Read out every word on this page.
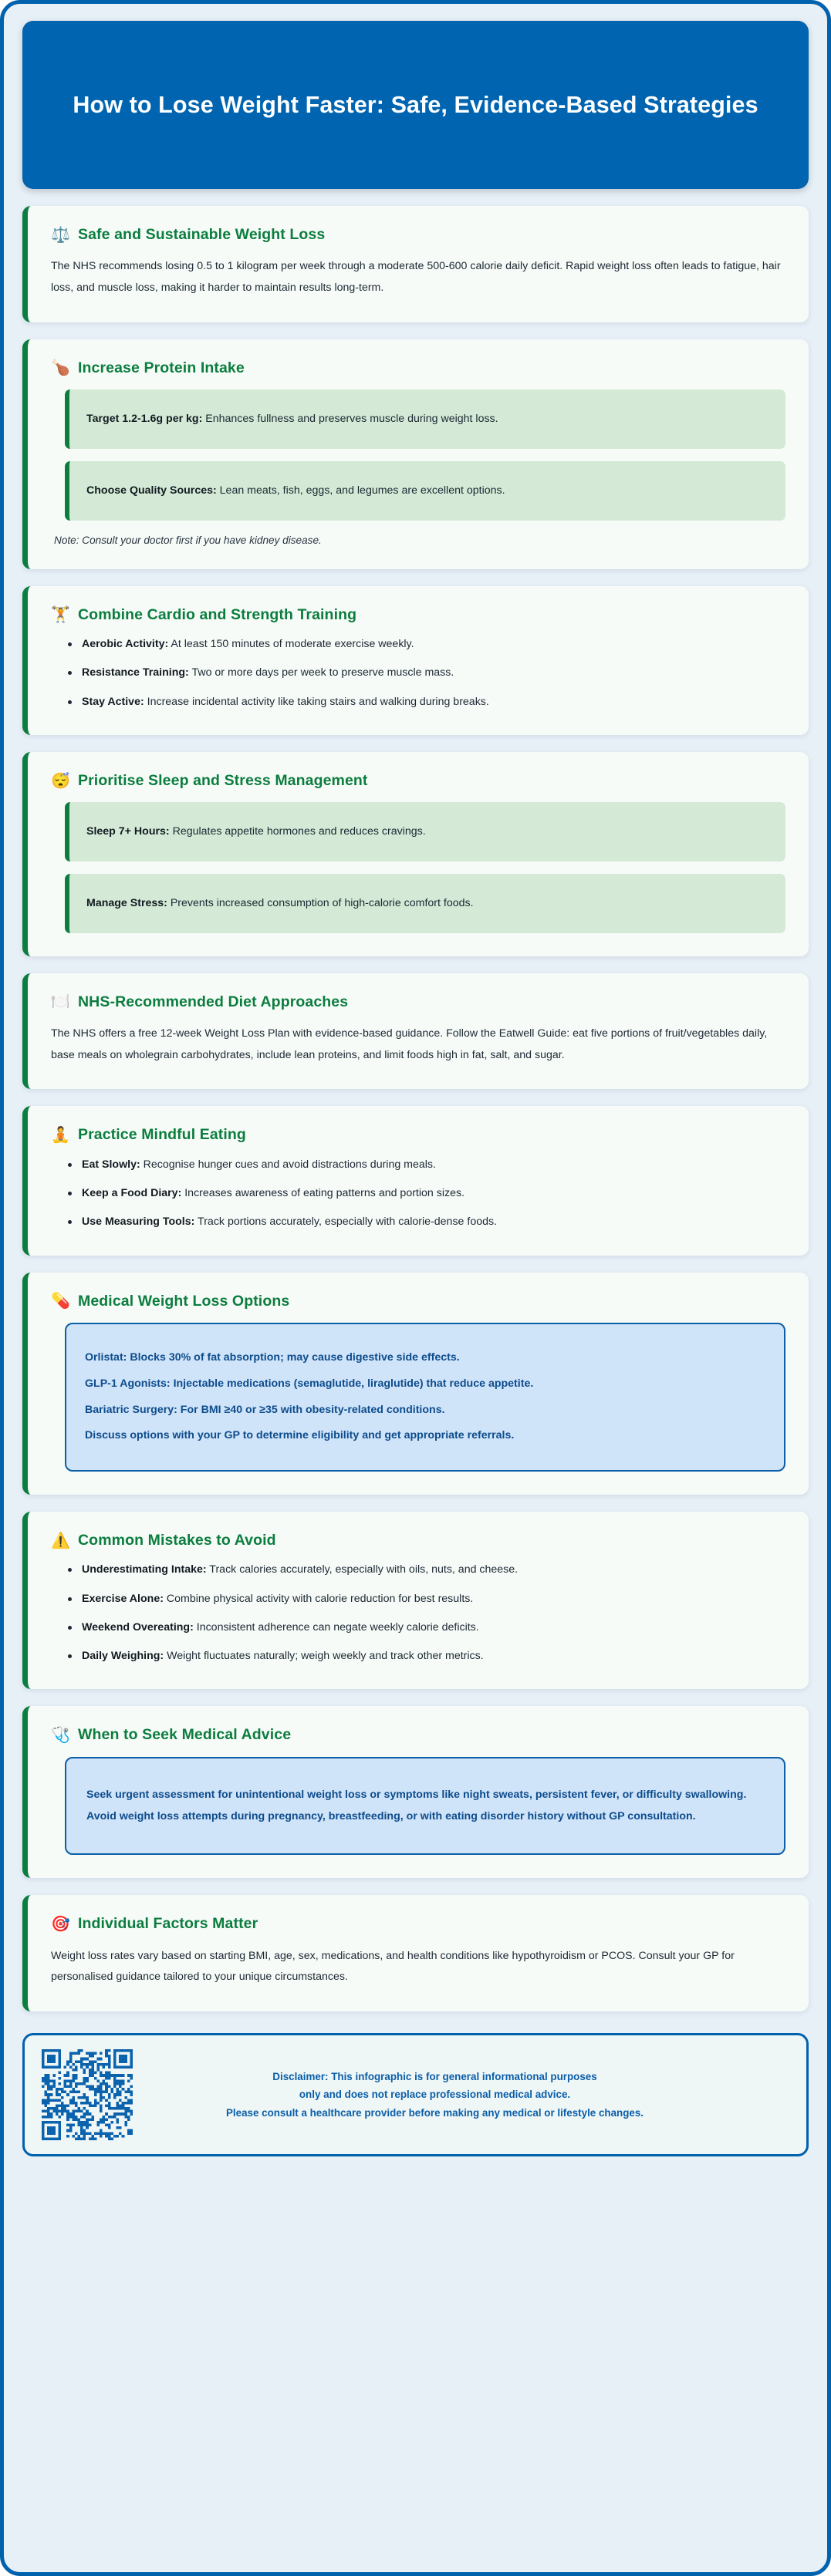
How to Lose Weight Faster: Safe, Evidence-Based Strategies
⚖️ Safe and Sustainable Weight Loss

The NHS recommends losing 0.5 to 1 kilogram per week through a moderate 500-600 calorie daily deficit. Rapid weight loss often leads to fatigue, hair loss, and muscle loss, making it harder to maintain results long-term.

🍗 Increase Protein Intake
Target 1.2-1.6g per kg: Enhances fullness and preserves muscle during weight loss.
Choose Quality Sources: Lean meats, fish, eggs, and legumes are excellent options.
Note: Consult your doctor first if you have kidney disease.
🏋️ Combine Cardio and Strength Training
Aerobic Activity: At least 150 minutes of moderate exercise weekly.
Resistance Training: Two or more days per week to preserve muscle mass.
Stay Active: Increase incidental activity like taking stairs and walking during breaks.
😴 Prioritise Sleep and Stress Management
Sleep 7+ Hours: Regulates appetite hormones and reduces cravings.
Manage Stress: Prevents increased consumption of high-calorie comfort foods.
🍽️ NHS-Recommended Diet Approaches

The NHS offers a free 12-week Weight Loss Plan with evidence-based guidance. Follow the Eatwell Guide: eat five portions of fruit/vegetables daily, base meals on wholegrain carbohydrates, include lean proteins, and limit foods high in fat, salt, and sugar.

🧘 Practice Mindful Eating
Eat Slowly: Recognise hunger cues and avoid distractions during meals.
Keep a Food Diary: Increases awareness of eating patterns and portion sizes.
Use Measuring Tools: Track portions accurately, especially with calorie-dense foods.
💊 Medical Weight Loss Options
Orlistat: Blocks 30% of fat absorption; may cause digestive side effects.
GLP-1 Agonists: Injectable medications (semaglutide, liraglutide) that reduce appetite.
Bariatric Surgery: For BMI ≥40 or ≥35 with obesity-related conditions.
Discuss options with your GP to determine eligibility and get appropriate referrals.
⚠️ Common Mistakes to Avoid
Underestimating Intake: Track calories accurately, especially with oils, nuts, and cheese.
Exercise Alone: Combine physical activity with calorie reduction for best results.
Weekend Overeating: Inconsistent adherence can negate weekly calorie deficits.
Daily Weighing: Weight fluctuates naturally; weigh weekly and track other metrics.
🩺 When to Seek Medical Advice
Seek urgent assessment for unintentional weight loss or symptoms like night sweats, persistent fever, or difficulty swallowing. Avoid weight loss attempts during pregnancy, breastfeeding, or with eating disorder history without GP consultation.
🎯 Individual Factors Matter

Weight loss rates vary based on starting BMI, age, sex, medications, and health conditions like hypothyroidism or PCOS. Consult your GP for personalised guidance tailored to your unique circumstances.

Disclaimer: This infographic is for general informational purposes
only and does not replace professional medical advice.
Please consult a healthcare provider before making any medical or lifestyle changes.
